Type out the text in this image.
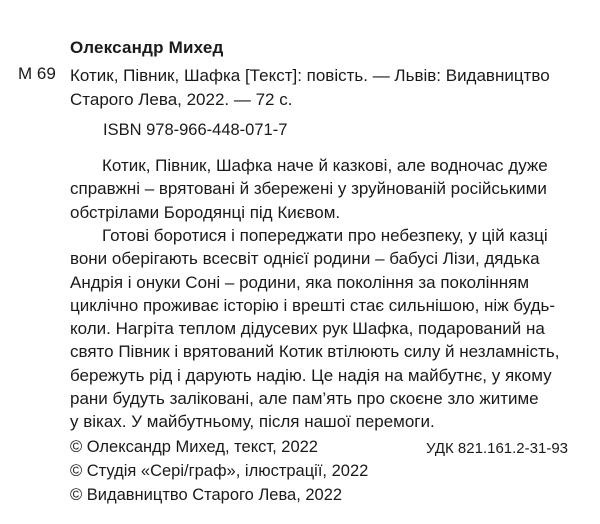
Олександр Михед
М 69 Котик, Півник, Шафка [Текст]: повість. — Львів: Видавництво
Старого Лева, 2022. — 72 с.
ISBN 978-966-448-071-7
Котик, Півник, Шафка наче й казкові, але водночас дуже
справжні – врятовані й збережені у зруйнованій російськими
обстрілами Бородянці під Києвом.
Готові боротися і попереджати про небезпеку, у цій казці
вони оберігають всесвіт однієї родини – бабусі Лізи, дядька
Андрія і онуки Соні – родини, яка покоління за поколінням
циклічно проживає історію і врешті стає сильнішою, ніж будь-
коли. Нагріта теплом дідусевих рук Шафка, подарований на
свято Півник і врятований Котик втілюють силу й незламність,
бережуть рід і дарують надію. Це надія на майбутнє, у якому
рани будуть заліковані, але пам’ять про скоєне зло житиме
у віках. У майбутньому, після нашої перемоги.
© Олександр Михед, текст, 2022
© Студія «Сері/граф», ілюстрації, 2022
© Видавництво Старого Лева, 2022
УДК 821.161.2-31-93
